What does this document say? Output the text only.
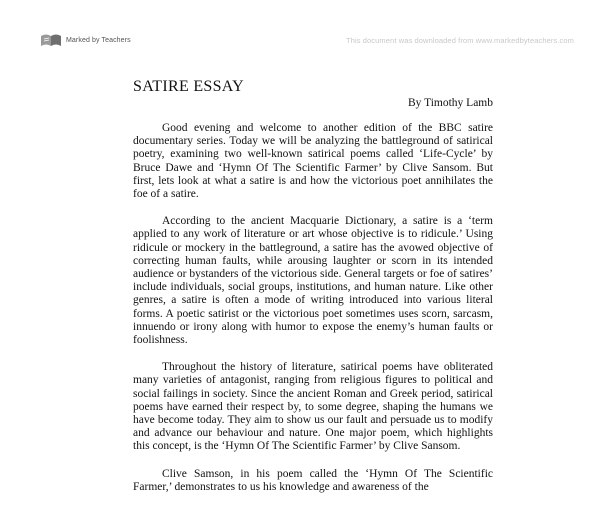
Marked by Teachers	This document was downloaded from www.markedbyteachers.com
SATIRE ESSAY
By Timothy Lamb

Good evening and welcome to another edition of the BBC satire documentary series. Today we will be analyzing the battleground of satirical poetry, examining two well-known satirical poems called ‘Life-Cycle’ by Bruce Dawe and ‘Hymn Of The Scientific Farmer’ by Clive Sansom. But first, lets look at what a satire is and how the victorious poet annihilates the foe of a satire.

According to the ancient Macquarie Dictionary, a satire is a ‘term applied to any work of literature or art whose objective is to ridicule.’ Using ridicule or mockery in the battleground, a satire has the avowed objective of correcting human faults, while arousing laughter or scorn in its intended audience or bystanders of the victorious side. General targets or foe of satires’ include individuals, social groups, institutions, and human nature. Like other genres, a satire is often a mode of writing introduced into various literal forms. A poetic satirist or the victorious poet sometimes uses scorn, sarcasm, innuendo or irony along with humor to expose the enemy’s human faults or foolishness.

Throughout the history of literature, satirical poems have obliterated many varieties of antagonist, ranging from religious figures to political and social failings in society. Since the ancient Roman and Greek period, satirical poems have earned their respect by, to some degree, shaping the humans we have become today. They aim to show us our fault and persuade us to modify and advance our behaviour and nature. One major poem, which highlights this concept, is the ‘Hymn Of The Scientific Farmer’ by Clive Sansom.

Clive Samson, in his poem called the ‘Hymn Of The Scientific Farmer,’ demonstrates to us his knowledge and awareness of the
